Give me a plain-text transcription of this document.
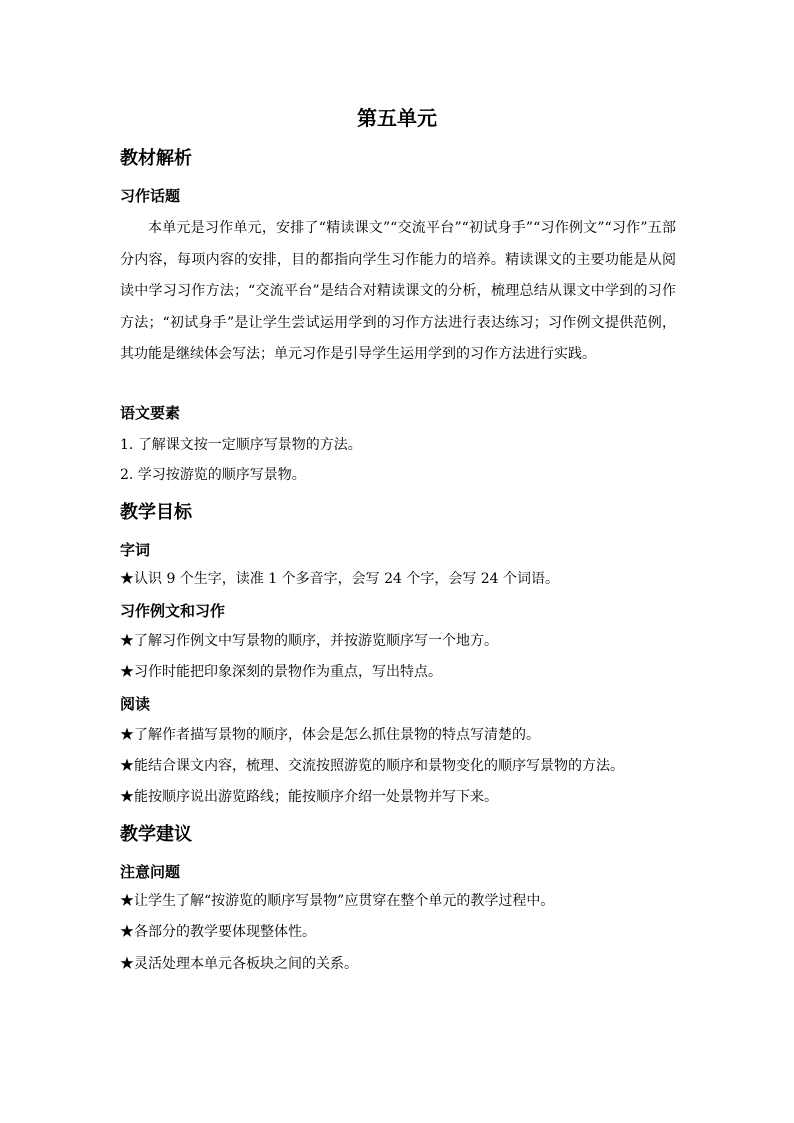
第五单元
教材解析
习作话题
本单元是习作单元，安排了“精读课文”“交流平台”“初试身手”“习作例文”“习作”五部分内容，每项内容的安排，目的都指向学生习作能力的培养。精读课文的主要功能是从阅读中学习习作方法；“交流平台”是结合对精读课文的分析，梳理总结从课文中学到的习作方法；“初试身手”是让学生尝试运用学到的习作方法进行表达练习；习作例文提供范例，其功能是继续体会写法；单元习作是引导学生运用学到的习作方法进行实践。
语文要素
1. 了解课文按一定顺序写景物的方法。
2. 学习按游览的顺序写景物。
教学目标
字词
★认识 9 个生字，读准 1 个多音字，会写 24 个字，会写 24 个词语。
习作例文和习作
★了解习作例文中写景物的顺序，并按游览顺序写一个地方。
★习作时能把印象深刻的景物作为重点，写出特点。
阅读
★了解作者描写景物的顺序，体会是怎么抓住景物的特点写清楚的。
★能结合课文内容，梳理、交流按照游览的顺序和景物变化的顺序写景物的方法。
★能按顺序说出游览路线；能按顺序介绍一处景物并写下来。
教学建议
注意问题
★让学生了解“按游览的顺序写景物”应贯穿在整个单元的教学过程中。
★各部分的教学要体现整体性。
★灵活处理本单元各板块之间的关系。
